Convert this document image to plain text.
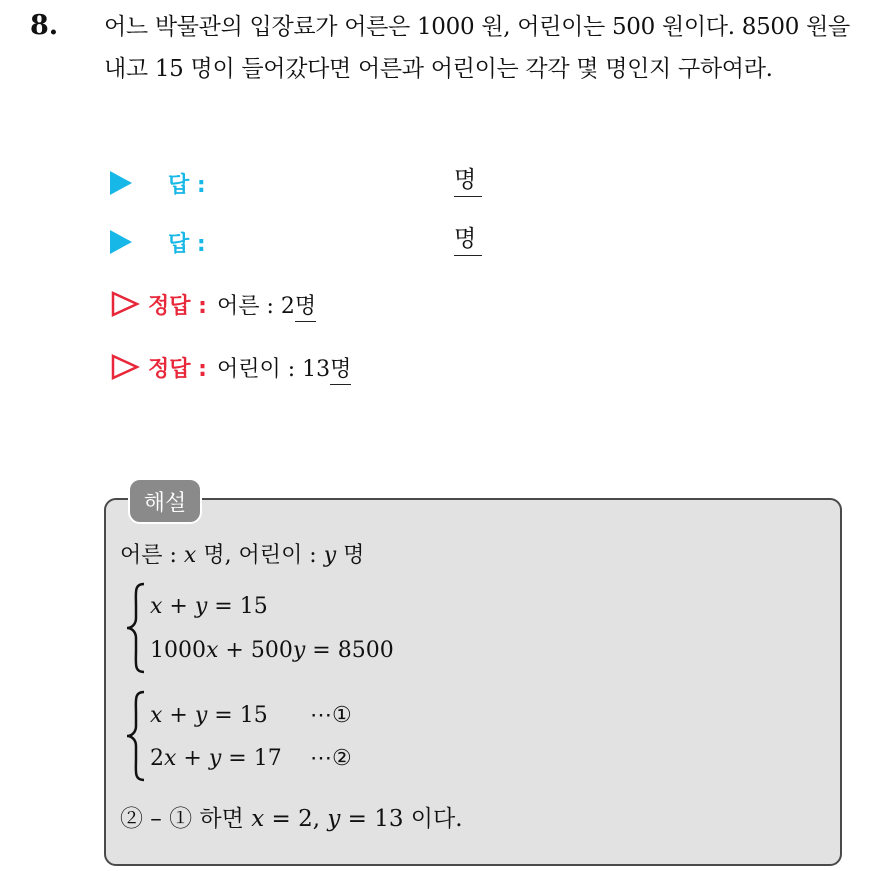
8. 어느 박물관의 입장료가 어른은 1000 원, 어린이는 500 원이다. 8500 원을 내고 15 명이 들어갔다면 어른과 어린이는 각각 몇 명인지 구하여라.
답 :	명
답 :	명
정답 : 어른 : 2명
정답 : 어린이 : 13명
해설
어른 : x 명, 어린이 : y 명
x + y = 15
1000x + 500y = 8500
x + y = 15 ⋯①
2x + y = 17 ⋯②
② – ① 하면 x = 2, y = 13 이다.
